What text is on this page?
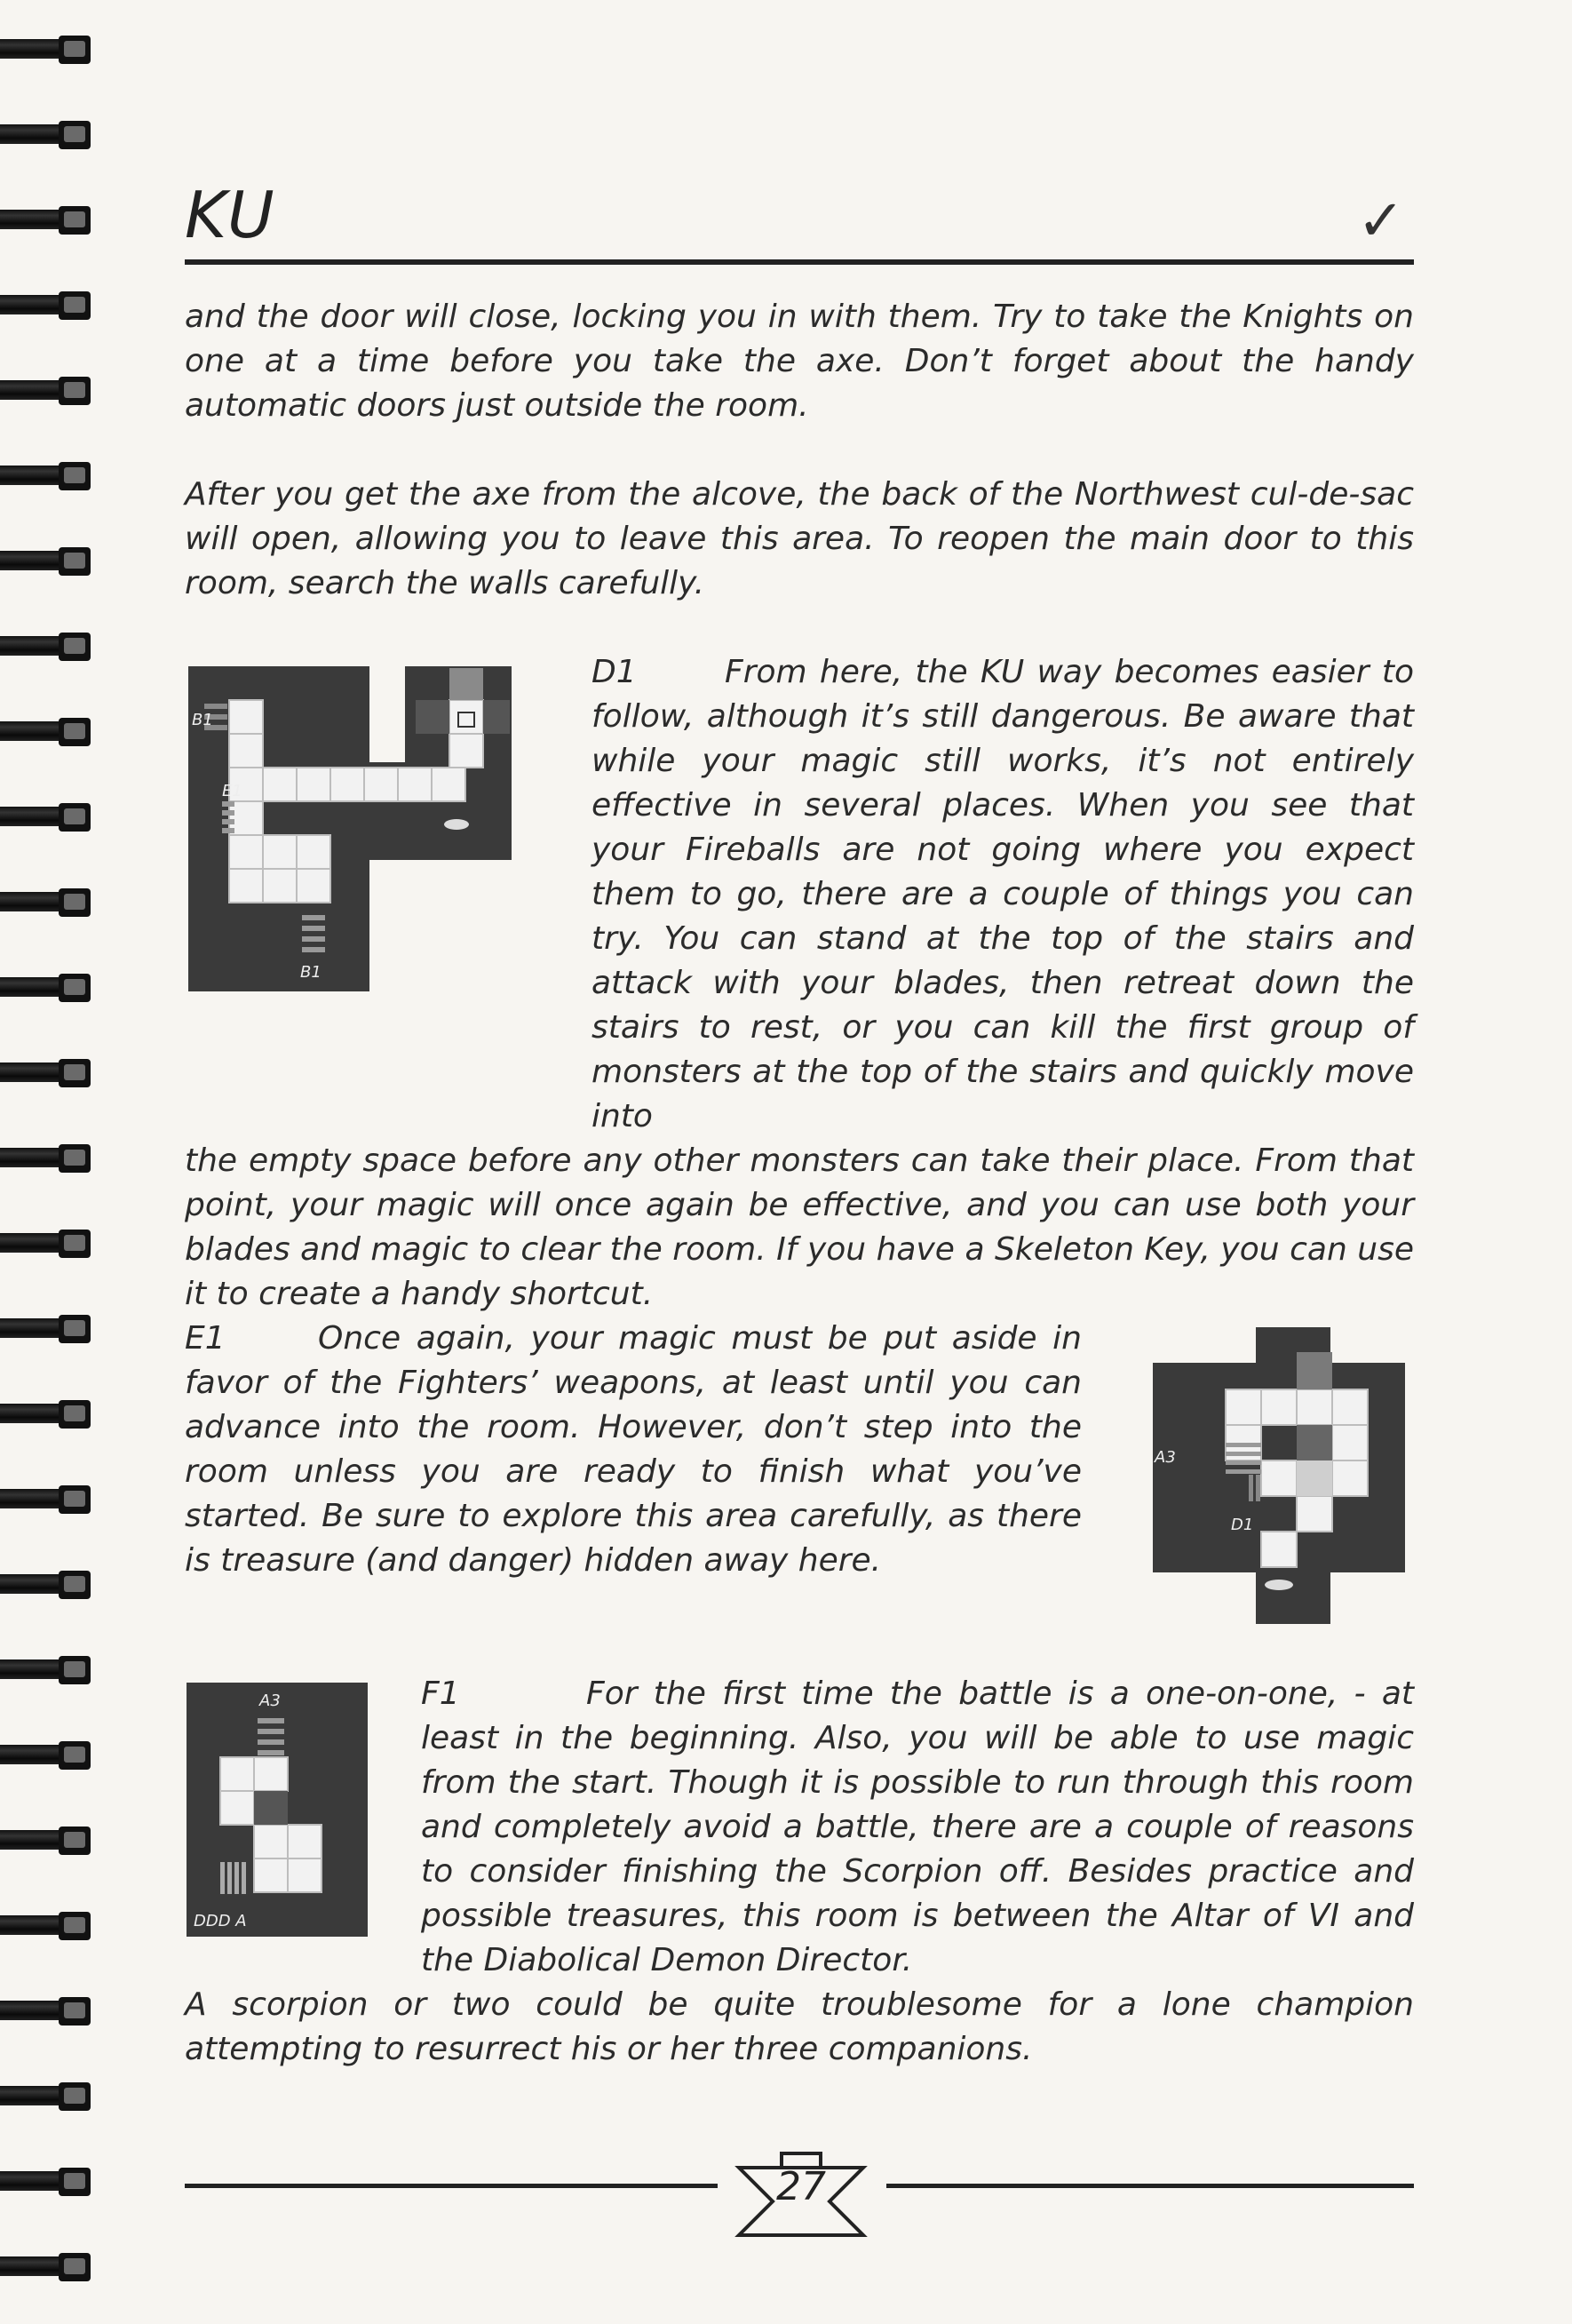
KU	✓

and the door will close, locking you in with them. Try to take the Knights on one at a time before you take the axe. Don’t forget about the handy automatic doors just outside the room.

After you get the axe from the alcove, the back of the Northwest cul-de-sac will open, allowing you to leave this area. To reopen the main door to this room, search the walls carefully.

B1
E1
B1

D1	From here, the KU way becomes easier to follow, although it’s still dangerous. Be aware that while your magic still works, it’s not entirely effective in several places. When you see that your Fireballs are not going where you expect them to go, there are a couple of things you can try. You can stand at the top of the stairs and attack with your blades, then retreat down the stairs to rest, or you can kill the first group of monsters at the top of the stairs and quickly move into

the empty space before any other monsters can take their place. From that point, your magic will once again be effective, and you can use both your blades and magic to clear the room. If you have a Skeleton Key, you can use it to create a handy shortcut.

A3
D1

E1	Once again, your magic must be put aside in favor of the Fighters’ weapons, at least until you can advance into the room. However, don’t step into the room unless you are ready to finish what you’ve started. Be sure to explore this area carefully, as there is treasure (and danger) hidden away here.

A3
DDD A

F1	For the first time the battle is a one-on-one, - at least in the beginning. Also, you will be able to use magic from the start. Though it is possible to run through this room and completely avoid a battle, there are a couple of reasons to consider finishing the Scorpion off. Besides practice and possible treasures, this room is between the Altar of VI and the Diabolical Demon Director.

A scorpion or two could be quite troublesome for a lone champion attempting to resurrect his or her three companions.

27
